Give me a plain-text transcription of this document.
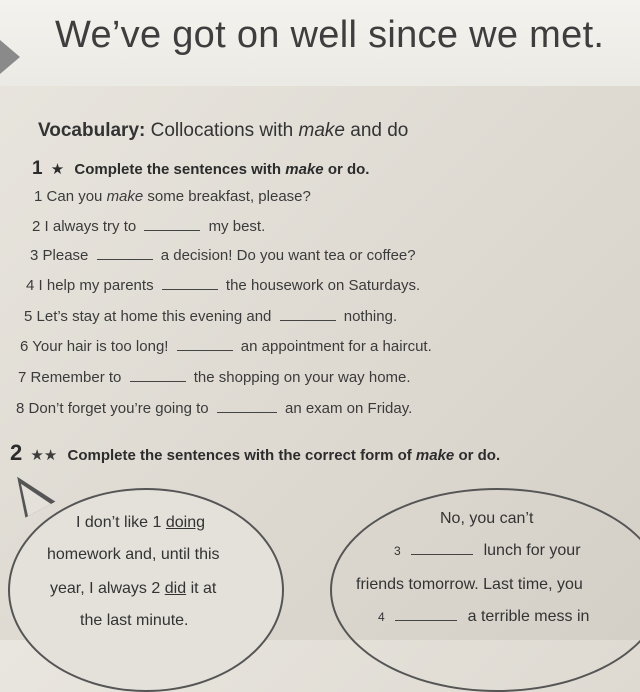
We’ve got on well since we met.
Vocabulary: Collocations with make and do
1 ★ Complete the sentences with make or do.
1 Can you make some breakfast, please?
2 I always try to	my best.
3 Please	a decision! Do you want tea or coffee?
4 I help my parents	the housework on Saturdays.
5 Let’s stay at home this evening and	nothing.
6 Your hair is too long!	an appointment for a haircut.
7 Remember to	the shopping on your way home.
8 Don’t forget you’re going to	an exam on Friday.
2 ★★ Complete the sentences with the correct form of make or do.
I don’t like 1 doing
homework and, until this
year, I always 2 did it at
the last minute.
No, you can’t
3	lunch for your
friends tomorrow. Last time, you
4	a terrible mess in
